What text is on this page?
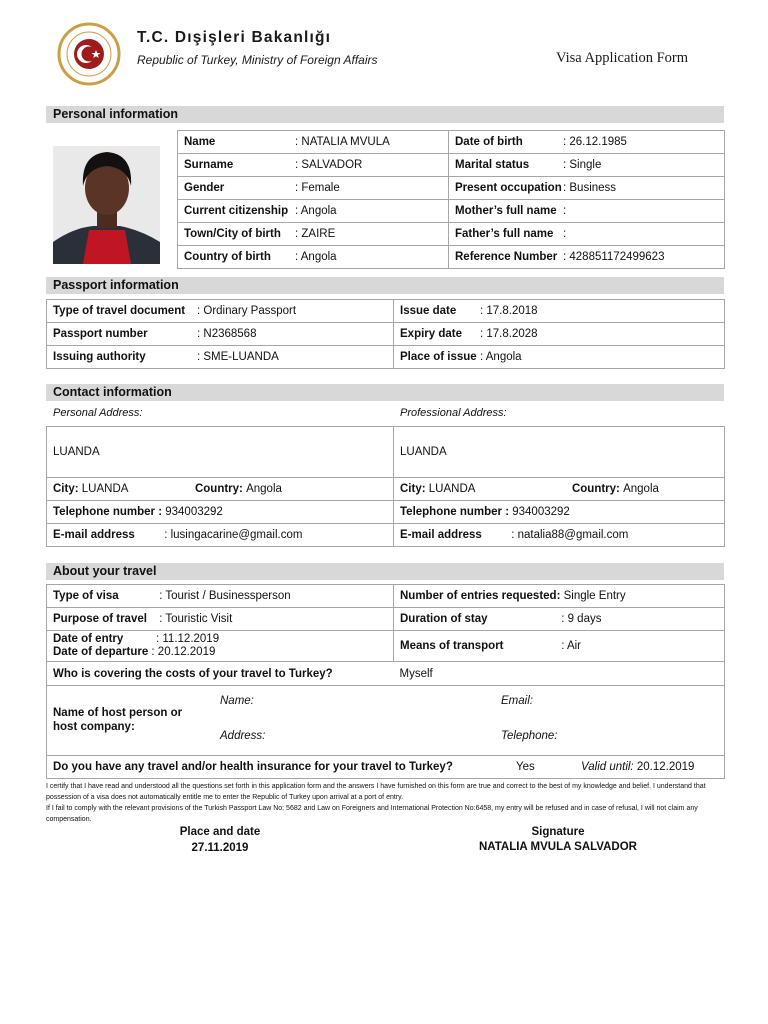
T.C. Dışişleri Bakanlığı
Republic of Turkey, Ministry of Foreign Affairs	Visa Application Form
Personal information
Name : NATALIA MVULA	Date of birth : 26.12.1985
Surname : SALVADOR	Marital status : Single
Gender : Female	Present occupation: Business
Current citizenship : Angola	Mother’s full name :
Town/City of birth : ZAIRE	Father’s full name :
Country of birth : Angola	Reference Number : 428851172499623
Passport information
Type of travel document : Ordinary Passport	Issue date : 17.8.2018
Passport number : N2368568	Expiry date : 17.8.2028
Issuing authority : SME-LUANDA	Place of issue : Angola
Contact information
Personal Address:	Professional Address:
LUANDA	LUANDA
City: LUANDA Country: Angola	City: LUANDA Country: Angola
Telephone number : 934003292	Telephone number : 934003292
E-mail address : lusingacarine@gmail.com	E-mail address : natalia88@gmail.com
About your travel
Type of visa : Tourist / Businessperson	Number of entries requested: Single Entry
Purpose of travel : Touristic Visit	Duration of stay : 9 days
Date of entry : 11.12.2019
Date of departure : 20.12.2019	Means of transport : Air
Who is covering the costs of your travel to Turkey?	Myself

Name of host person or host company:
Name: Email:
Address: Telephone:	

Do you have any travel and/or health insurance for your travel to Turkey? Yes Valid until: 20.12.2019	
I certify that I have read and understood all the questions set forth in this application form and the answers I have furnished on this form are true and correct to the best of my knowledge and belief. I understand that possession of a visa does not automatically entitle me to enter the Republic of Turkey upon arrival at a port of entry.
If I fail to comply with the relevant provisions of the Turkish Passport Law No: 5682 and Law on Foreigners and International Protection No:6458, my entry will be refused and in case of refusal, I will not claim any compensation.
Place and date
27.11.2019
Signature
NATALIA MVULA SALVADOR
